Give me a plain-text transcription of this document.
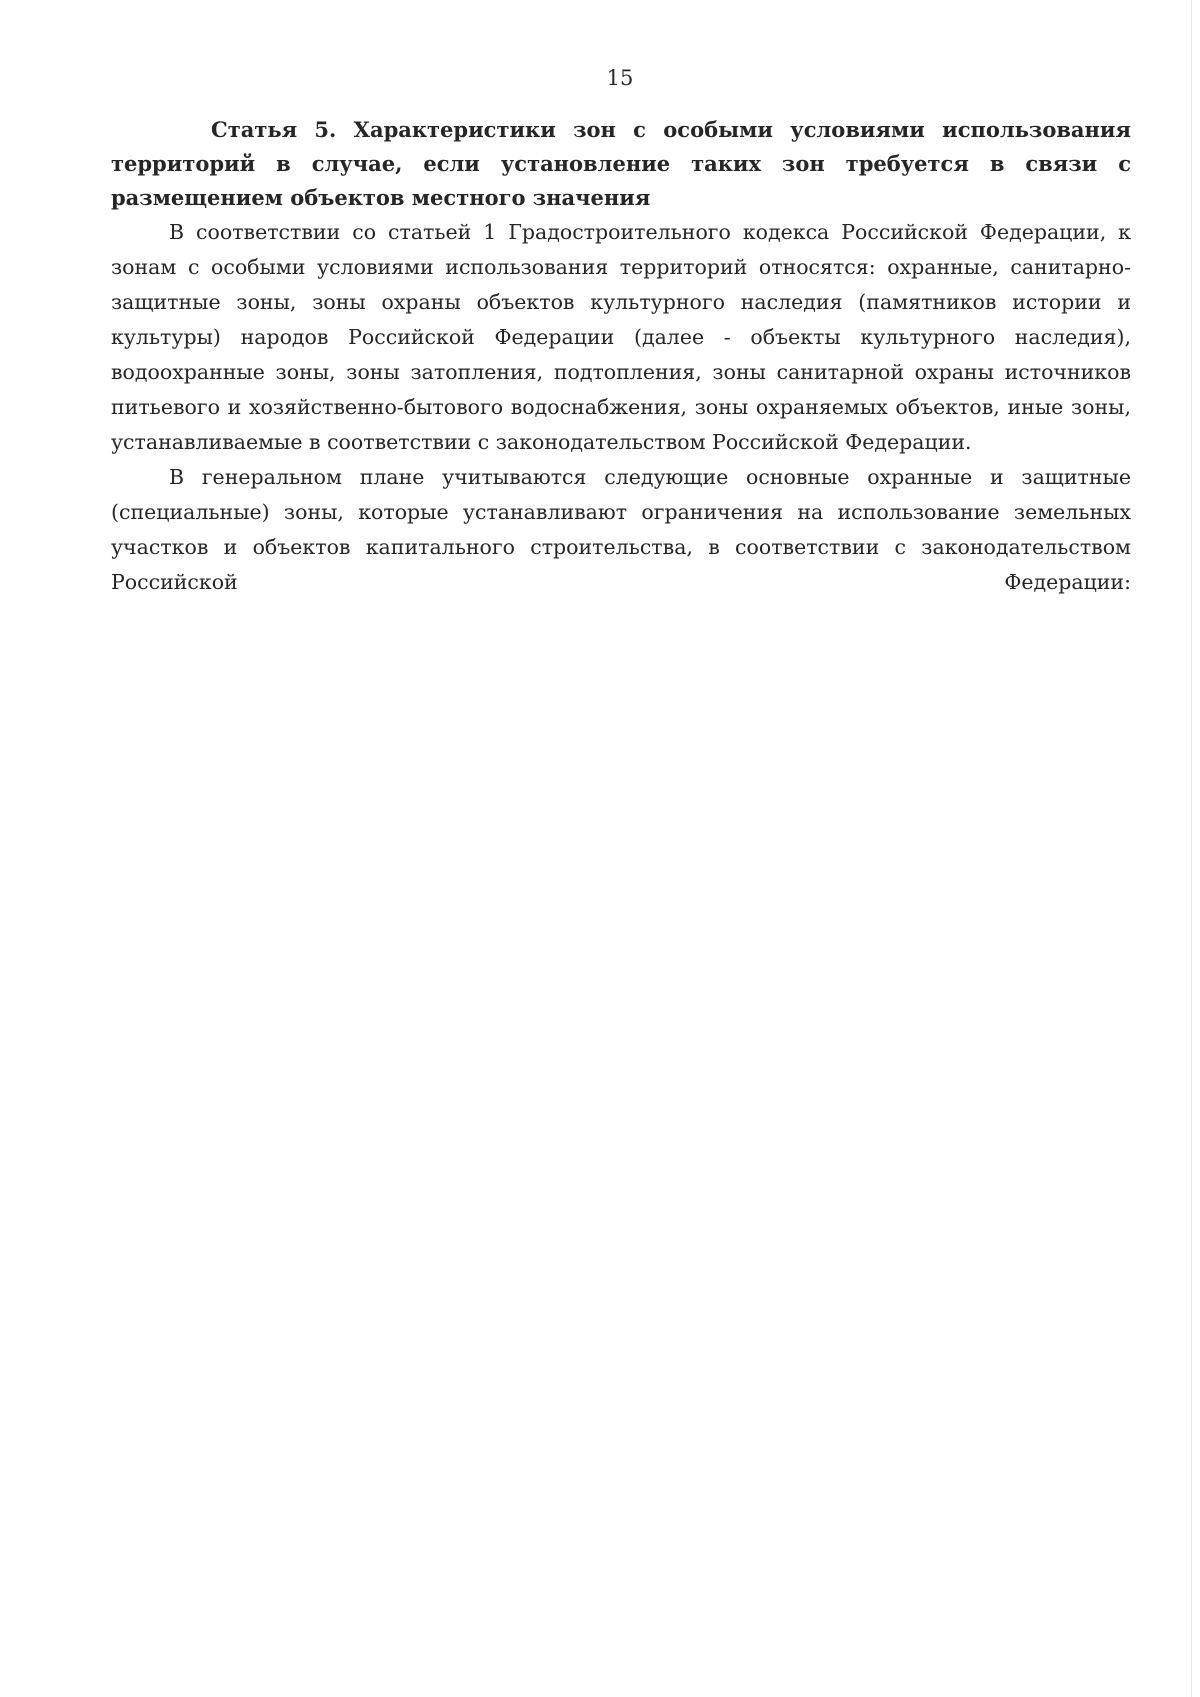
15

Статья 5. Характеристики зон с особыми условиями использования территорий в случае, если установление таких зон требуется в связи с размещением объектов местного значения

В соответствии со статьей 1 Градостроительного кодекса Российской Федерации, к зонам с особыми условиями использования территорий относятся: охранные, санитарно-защитные зоны, зоны охраны объектов культурного наследия (памятников истории и культуры) народов Российской Федерации (далее - объекты культурного наследия), водоохранные зоны, зоны затопления, подтопления, зоны санитарной охраны источников питьевого и хозяйственно-бытового водоснабжения, зоны охраняемых объектов, иные зоны, устанавливаемые в соответствии с законодательством Российской Федерации.

В генеральном плане учитываются следующие основные охранные и защитные (специальные) зоны, которые устанавливают ограничения на использование земельных участков и объектов капитального строительства, в соответствии с законодательством Российской Федерации:
